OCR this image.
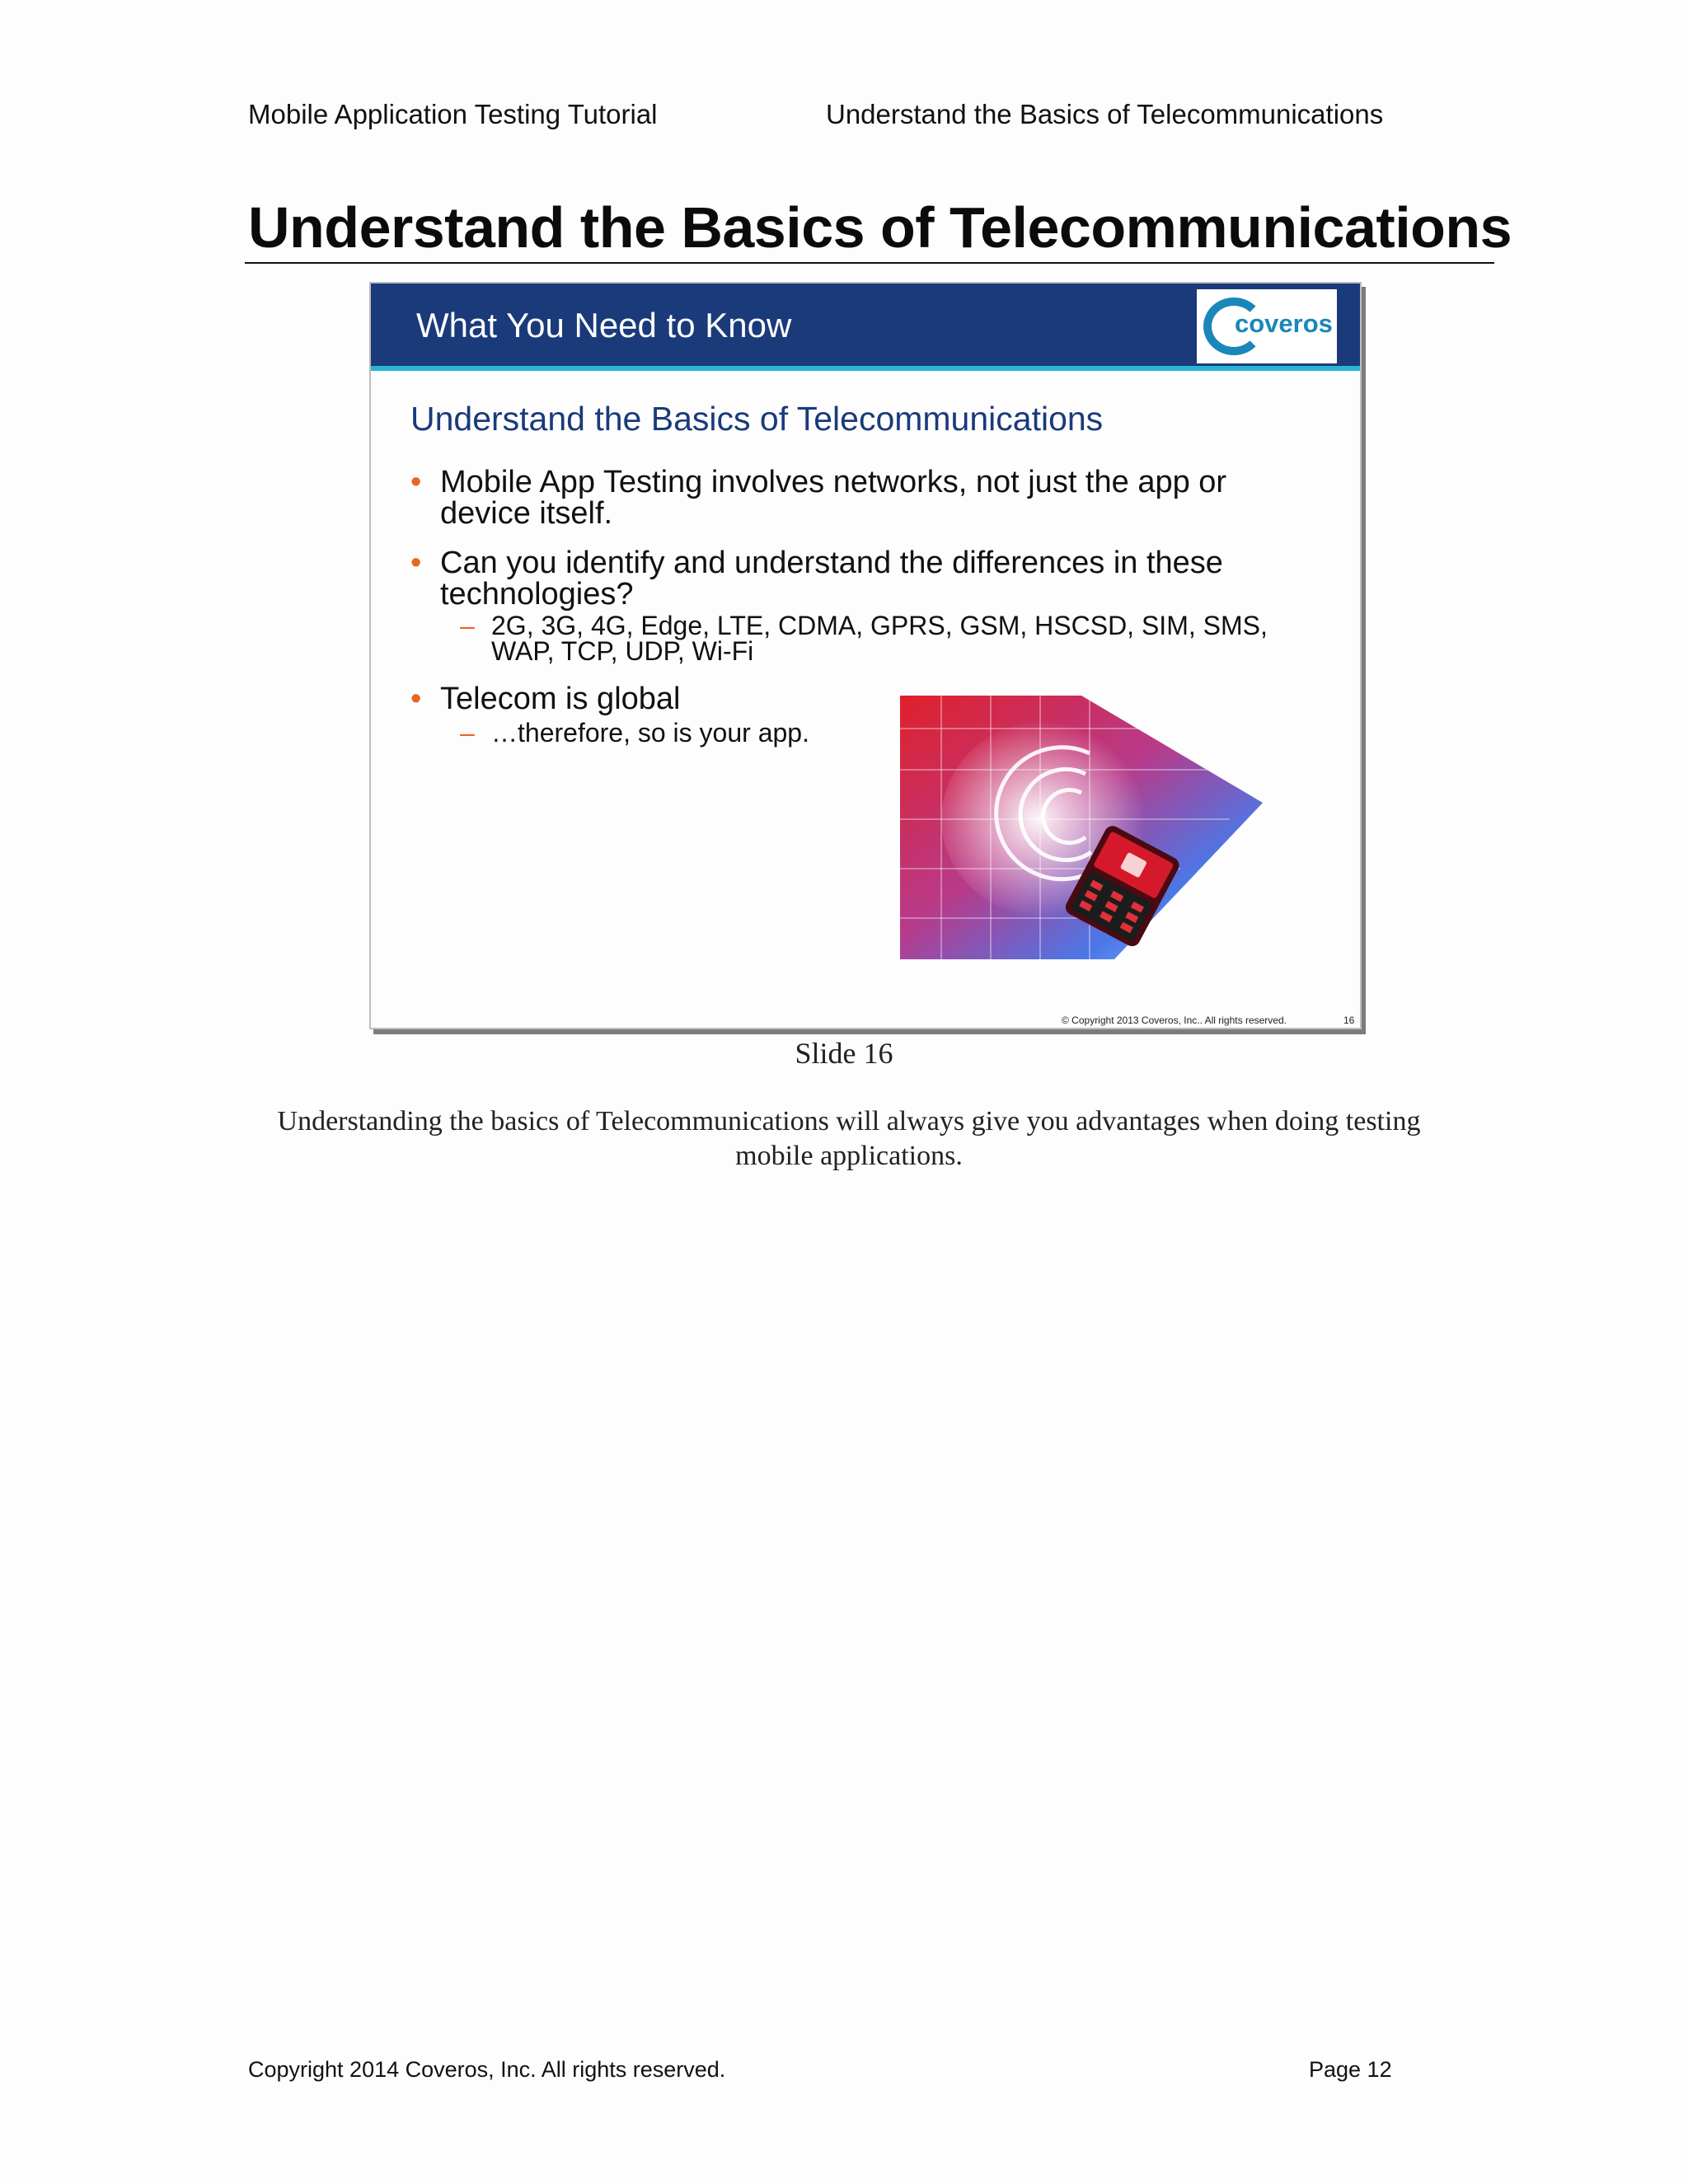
Mobile Application Testing Tutorial	Understand the Basics of Telecommunications
Understand the Basics of Telecommunications
What You Need to Know	coveros
Understand the Basics of Telecommunications
• Mobile App Testing involves networks, not just the app or device itself.
• Can you identify and understand the differences in these technologies?
– 2G, 3G, 4G, Edge, LTE, CDMA, GPRS, GSM, HSCSD, SIM, SMS, WAP, TCP, UDP, Wi-Fi
• Telecom is global
– …therefore, so is your app.
© Copyright 2013 Coveros, Inc.. All rights reserved.	16
Slide 16
Understanding the basics of Telecommunications will always give you advantages when doing testing mobile applications.
Copyright 2014 Coveros, Inc. All rights reserved.	Page 12
